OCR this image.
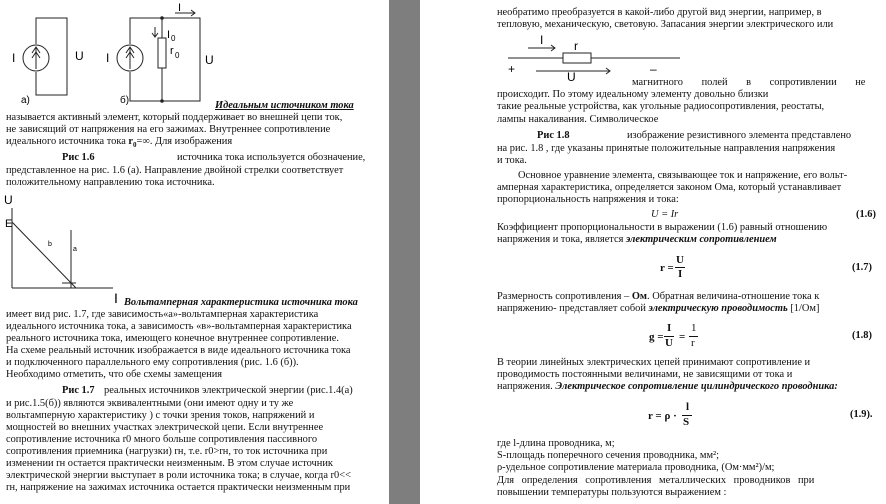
I	U
а)
I
I 0
r 0
I	U
б)	Идеальным источником тока
называется активный элемент, который поддерживает во внешней цепи ток,
не зависящий от напряжения на его зажимах. Внутреннее сопротивление
идеального источника тока $r_0=\infty$. Для изображения
Рис 1.6	источника тока используется обозначение,
представленное на рис. 1.6 (а). Направление двойной стрелки соответствует
положительному направлению тока источника.
U
E
b
a
I Вольтамперная характеристика источника тока
имеет вид рис. 1.7, где зависимость«a»-вольтамперная характеристика
идеального источника тока, а зависимость «в»-вольтамперная характеристика
реального источника тока, имеющего конечное внутреннее сопротивление.
На схеме реальный источник изображается в виде идеального источника тока
и подключенного параллельного ему сопротивления (рис. 1.6 (б)).
Необходимо отметить, что обе схемы замещения
Рис 1.7 реальных источников электрической энергии (рис.1.4(а)
и рис.1.5(б)) являются эквивалентными (они имеют одну и ту же
вольтамперную характеристику ) с точки зрения токов, напряжений и
мощностей во внешних участках электрической цепи. Если внутреннее
сопротивление источника r0 много больше сопротивления пассивного
сопротивления приемника (нагрузки) rн, т.е. r0>rн, то ток источника при
изменении rн остается практически неизменным. В этом случае источник
электрической энергии выступает в роли источника тока; в случае, когда r0<<
rн, напряжение на зажимах источника остается практически неизменным при
необратимо преобразуется в какой-либо другой вид энергии, например, в
тепловую, механическую, световую. Запасания энергии электрического или
I	r
+	–
U	магнитного полей в сопротивлении не
происходит. По этому идеальному элементу довольно близки
такие реальные устройства, как угольные радиосопротивления, реостаты,
лампы накаливания. Символическое
Рис 1.8	изображение резистивного элемента представлено
на рис. 1.8 , где указаны принятые положительные направления напряжения
и тока.
Основное уравнение элемента, связывающее ток и напряжение, его вольт-
амперная характеристика, определяется законом Ома, который устанавливает
пропорциональность напряжения и тока:
U = Ir	(1.6)
Коэффициент пропорциональности в выражении (1.6) равный отношению
напряжения и тока, является электрическим сопротивлением
r =
U
I
(1.7)
Размерность сопротивления – Ом. Обратная величина-отношение тока к
напряжению- представляет собой электрическую проводимость [1/Ом]
g =
I
U =
1
r
(1.8)
В теории линейных электрических цепей принимают сопротивление и
проводимость постоянными величинами, не зависящими от тока и
напряжения. Электрическое сопротивление цилиндрического проводника:
r = ρ ·
l
S
(1.9).
где l-длина проводника, м;
S-площадь поперечного сечения проводника, мм²;
ρ-удельное сопротивление материала проводника, (Ом·мм²)/м;
Для определения сопротивления металлических проводников при
повышении температуры пользуются выражением :
